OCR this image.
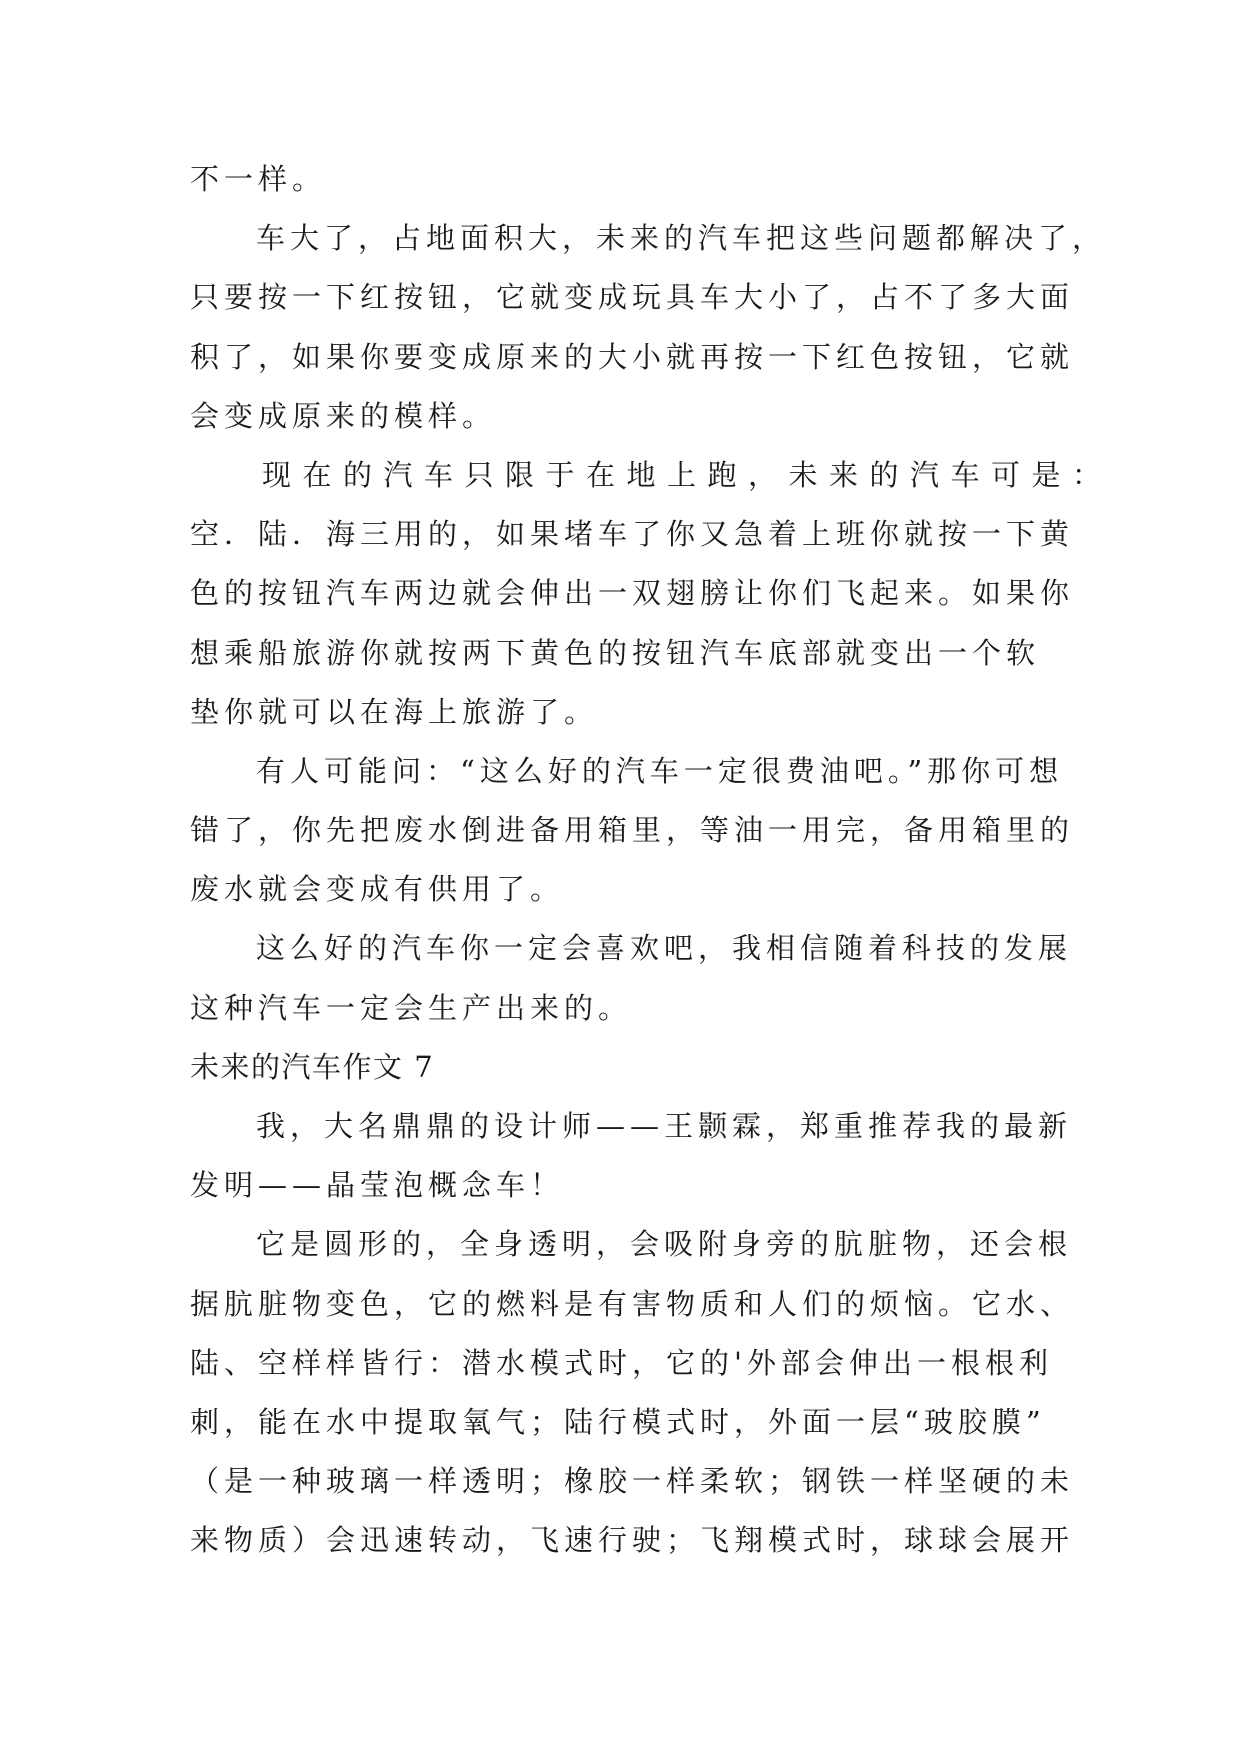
不一样。
车大了，占地面积大，未来的汽车把这些问题都解决了，
只要按一下红按钮，它就变成玩具车大小了，占不了多大面
积了，如果你要变成原来的大小就再按一下红色按钮，它就
会变成原来的模样。
现在的汽车只限于在地上跑，未来的汽车可是：
空．陆．海三用的，如果堵车了你又急着上班你就按一下黄
色的按钮汽车两边就会伸出一双翅膀让你们飞起来。如果你
想乘船旅游你就按两下黄色的按钮汽车底部就变出一个软
垫你就可以在海上旅游了。
有人可能问：“这么好的汽车一定很费油吧。”那你可想
错了，你先把废水倒进备用箱里，等油一用完，备用箱里的
废水就会变成有供用了。
这么好的汽车你一定会喜欢吧，我相信随着科技的发展
这种汽车一定会生产出来的。
未来的汽车作文 7
我，大名鼎鼎的设计师——王颢霖，郑重推荐我的最新
发明——晶莹泡概念车！
它是圆形的，全身透明，会吸附身旁的肮脏物，还会根
据肮脏物变色，它的燃料是有害物质和人们的烦恼。它水、
陆、空样样皆行：潜水模式时，它的'外部会伸出一根根利
刺，能在水中提取氧气；陆行模式时，外面一层“玻胶膜”
（是一种玻璃一样透明；橡胶一样柔软；钢铁一样坚硬的未
来物质）会迅速转动，飞速行驶；飞翔模式时，球球会展开
